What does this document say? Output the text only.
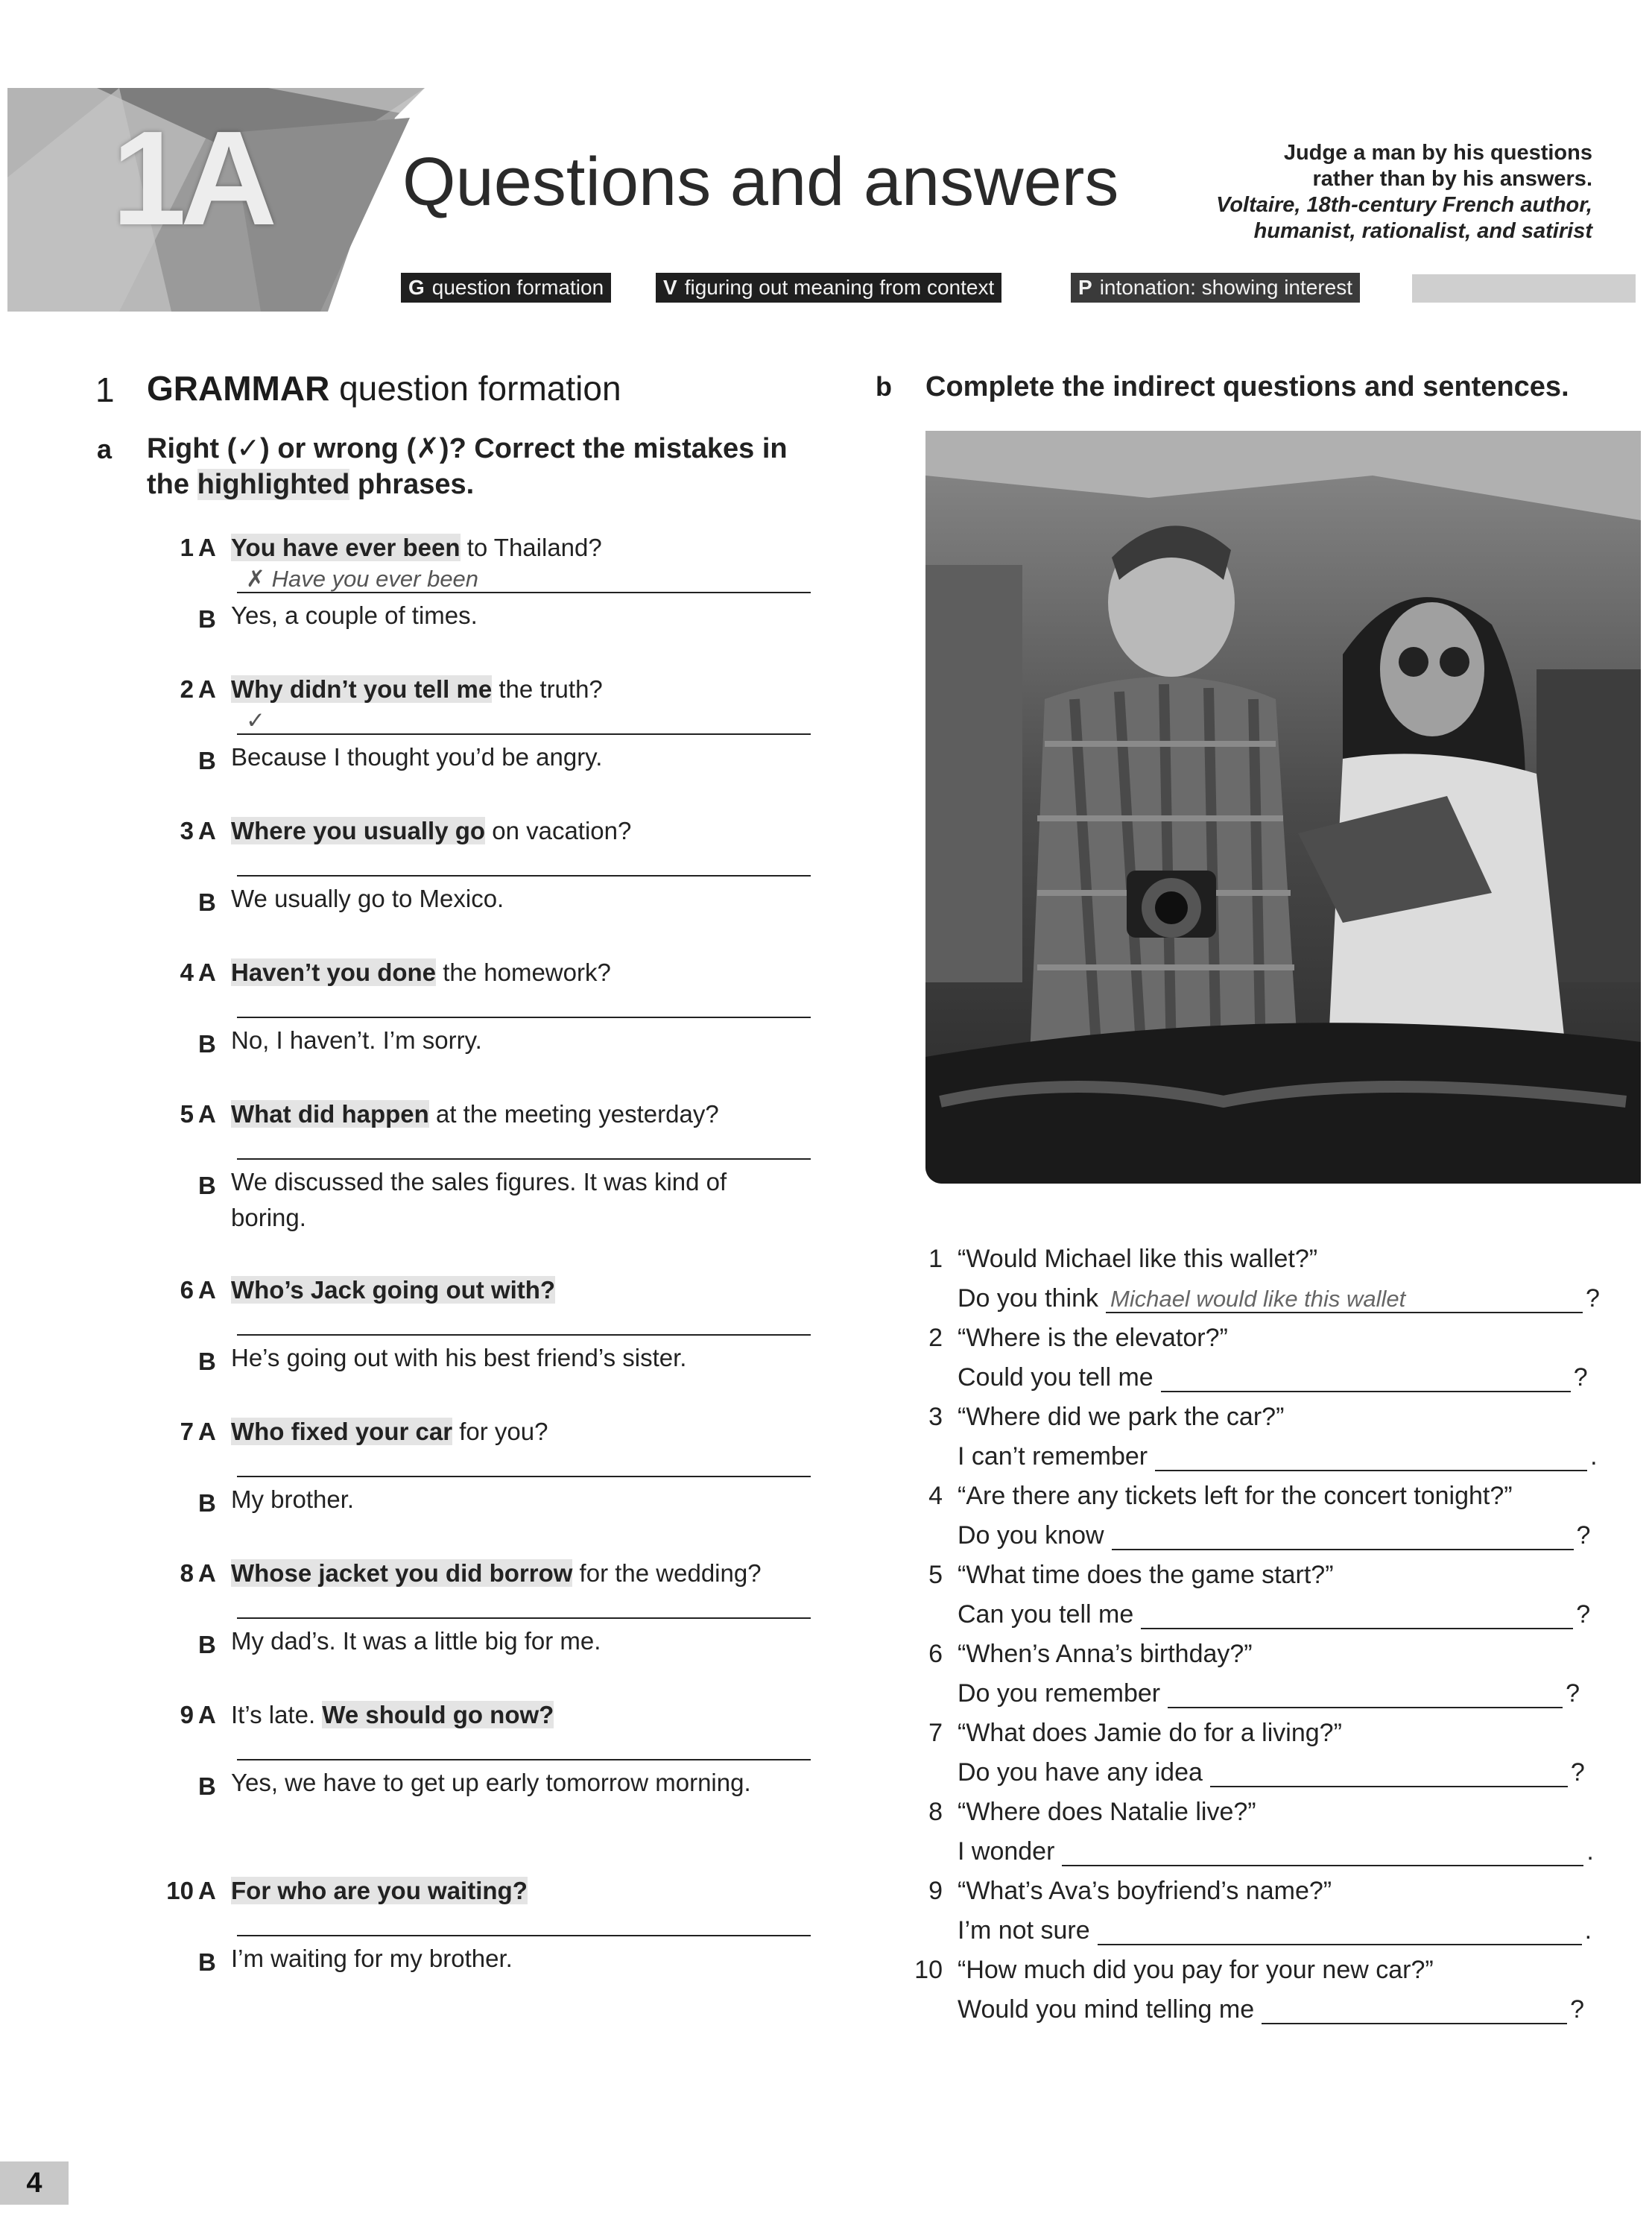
1A Questions and answers	Judge a man by his questions
rather than by his answers.
Voltaire, 18th-century French author,
humanist, rationalist, and satirist
G question formation	V figuring out meaning from context	P intonation: showing interest
1 GRAMMAR question formation
a Right (✓) or wrong (✗)? Correct the mistakes in the highlighted phrases.
1 A You have ever been to Thailand?
✗ Have you ever been
B Yes, a couple of times.
2 A Why didn’t you tell me the truth?
✓
B Because I thought you’d be angry.
3 A Where you usually go on vacation?
B We usually go to Mexico.
4 A Haven’t you done the homework?
B No, I haven’t. I’m sorry.
5 A What did happen at the meeting yesterday?
B We discussed the sales figures. It was kind of boring.
6 A Who’s Jack going out with?
B He’s going out with his best friend’s sister.
7 A Who fixed your car for you?
B My brother.
8 A Whose jacket you did borrow for the wedding?
B My dad’s. It was a little big for me.
9 A It’s late. We should go now?
B Yes, we have to get up early tomorrow morning.
10 A For who are you waiting?
B I’m waiting for my brother.
b Complete the indirect questions and sentences.
1 “Would Michael like this wallet?”
Do you think Michael would like this wallet	?
2 “Where is the elevator?”
Could you tell me	?
3 “Where did we park the car?”
I can’t remember	.
4 “Are there any tickets left for the concert tonight?”
Do you know	?
5 “What time does the game start?”
Can you tell me	?
6 “When’s Anna’s birthday?”
Do you remember	?
7 “What does Jamie do for a living?”
Do you have any idea	?
8 “Where does Natalie live?”
I wonder	.
9 “What’s Ava’s boyfriend’s name?”
I’m not sure	.
10 “How much did you pay for your new car?”
Would you mind telling me	?
4
